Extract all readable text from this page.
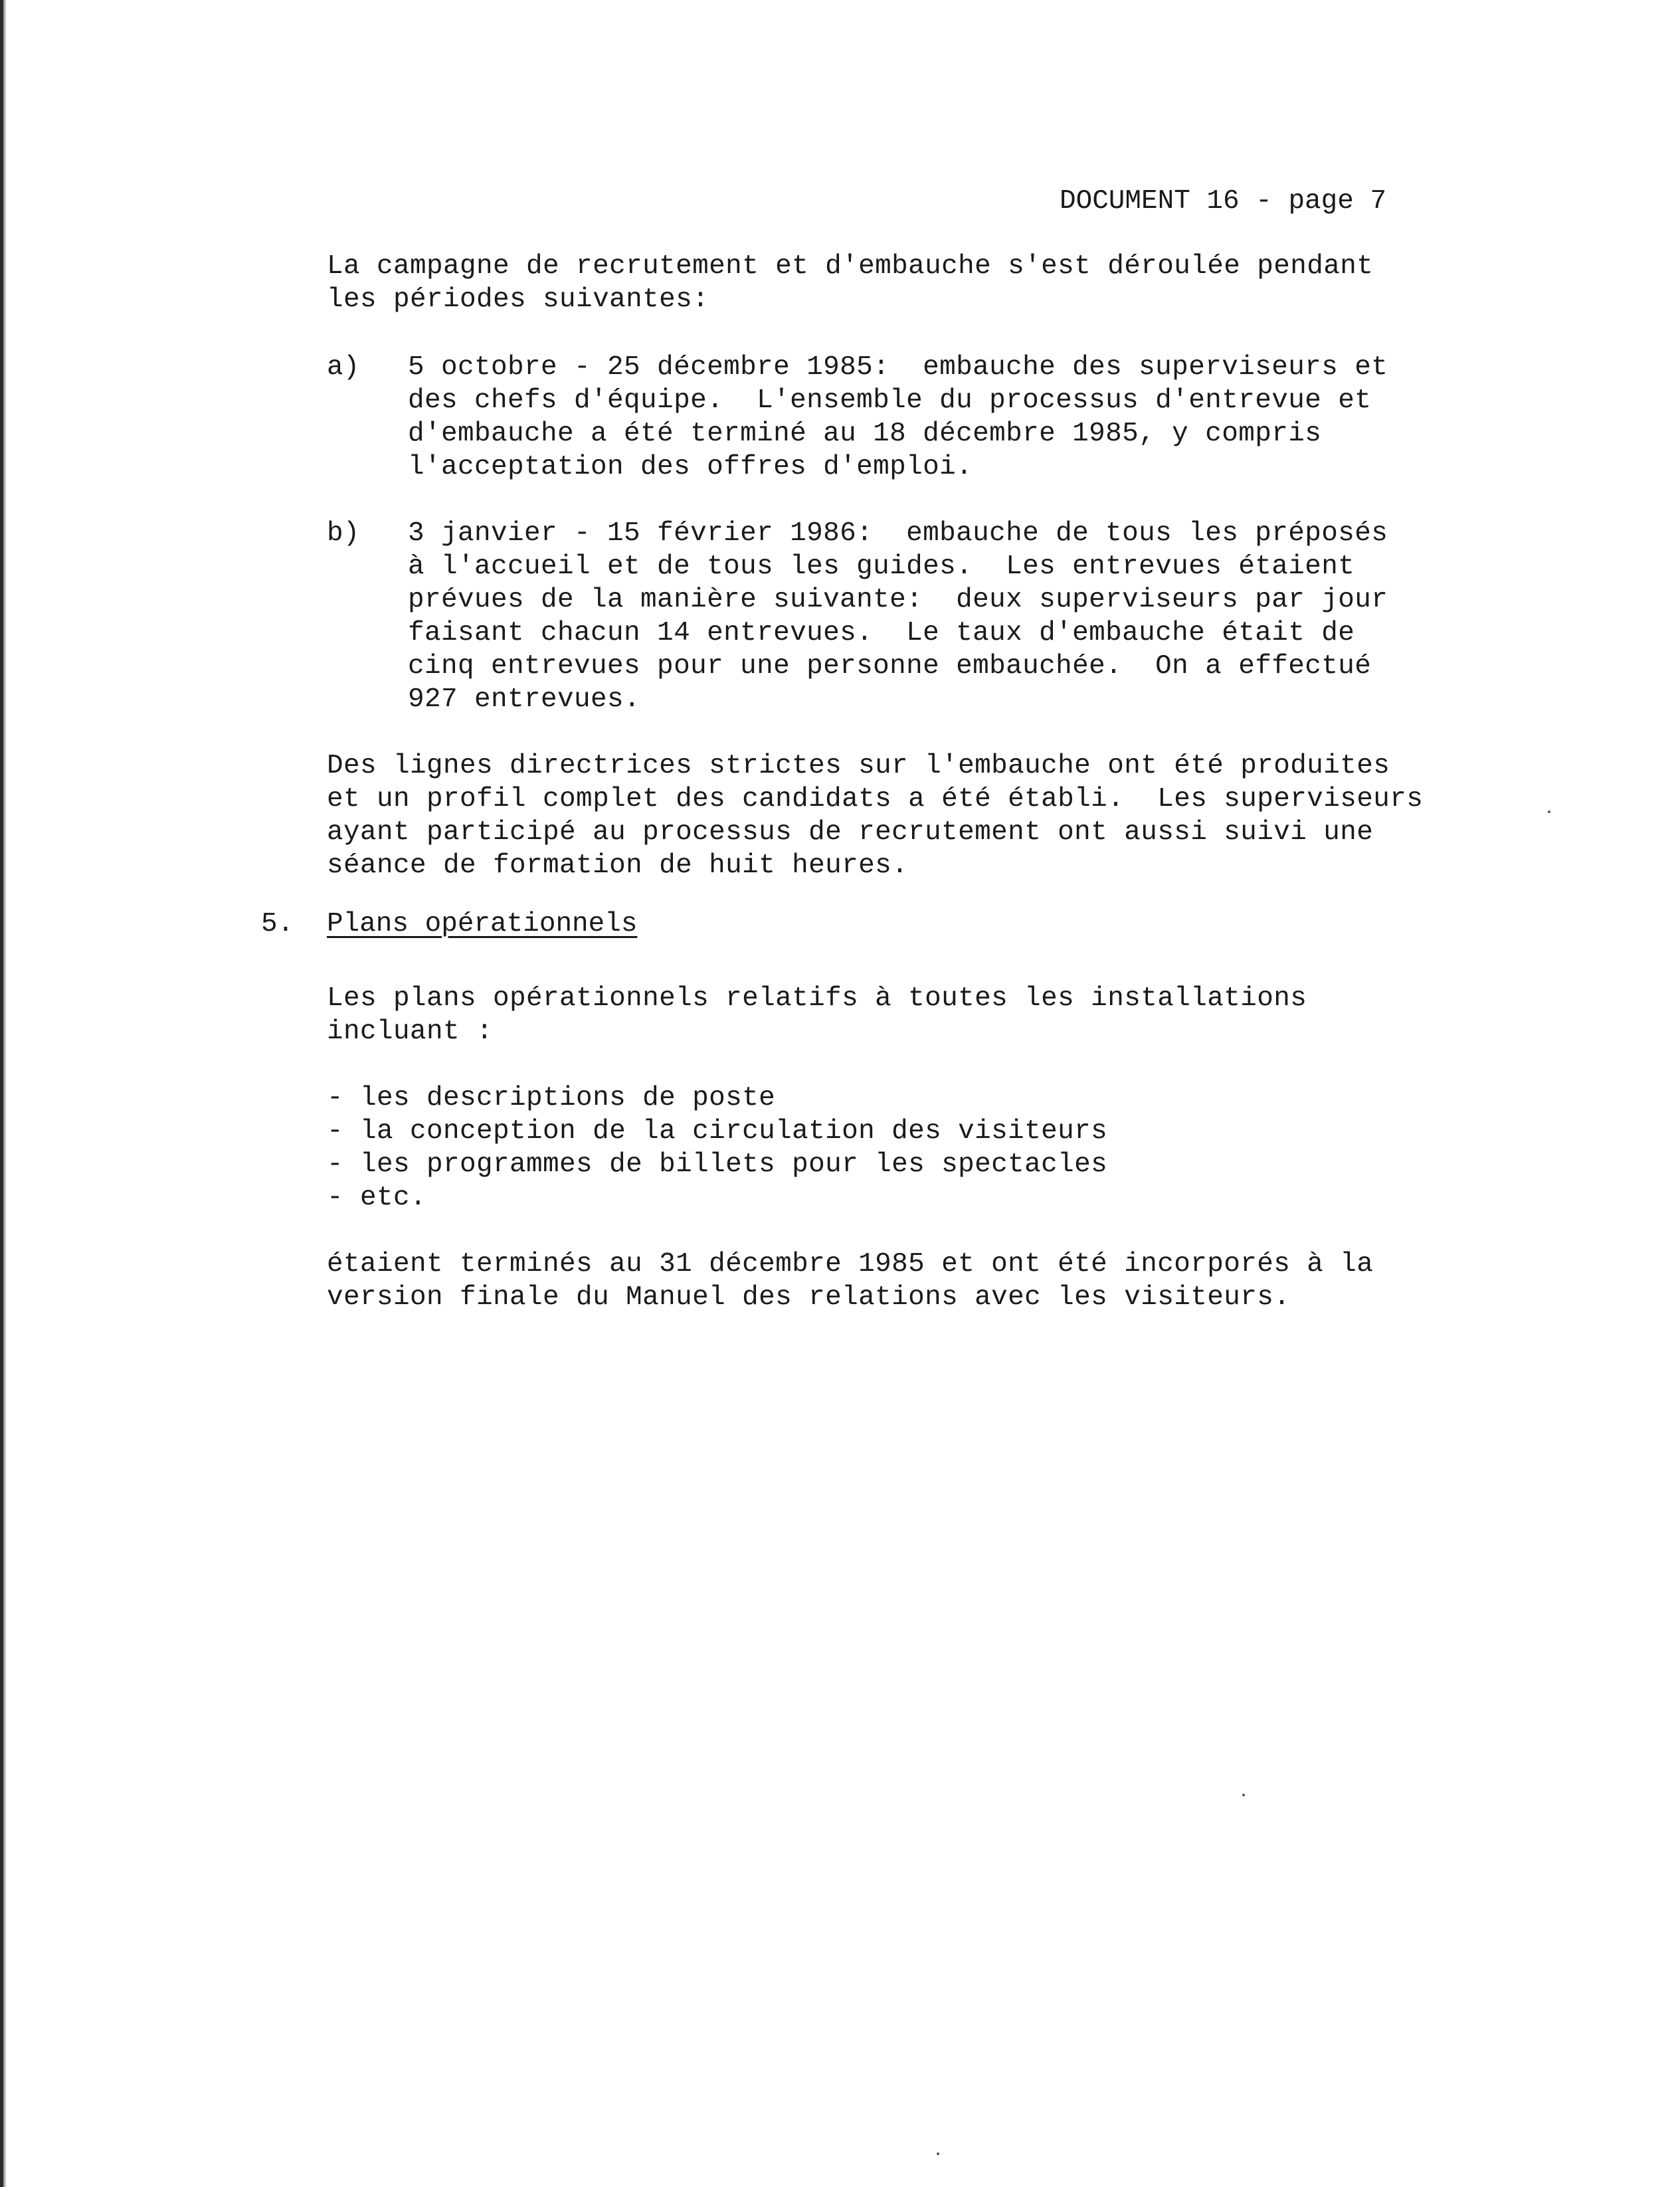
DOCUMENT 16 - page 7
La campagne de recrutement et d'embauche s'est déroulée pendant
les périodes suivantes:
a) 5 octobre - 25 décembre 1985:  embauche des superviseurs et
des chefs d'équipe.  L'ensemble du processus d'entrevue et
d'embauche a été terminé au 18 décembre 1985, y compris
l'acceptation des offres d'emploi.
b) 3 janvier - 15 février 1986:  embauche de tous les préposés
à l'accueil et de tous les guides.  Les entrevues étaient
prévues de la manière suivante:  deux superviseurs par jour
faisant chacun 14 entrevues.  Le taux d'embauche était de
cinq entrevues pour une personne embauchée.  On a effectué
927 entrevues.
Des lignes directrices strictes sur l'embauche ont été produites
et un profil complet des candidats a été établi.  Les superviseurs
ayant participé au processus de recrutement ont aussi suivi une
séance de formation de huit heures.
5. Plans opérationnels
Les plans opérationnels relatifs à toutes les installations
incluant :
- les descriptions de poste
- la conception de la circulation des visiteurs
- les programmes de billets pour les spectacles
- etc.
étaient terminés au 31 décembre 1985 et ont été incorporés à la
version finale du Manuel des relations avec les visiteurs.
